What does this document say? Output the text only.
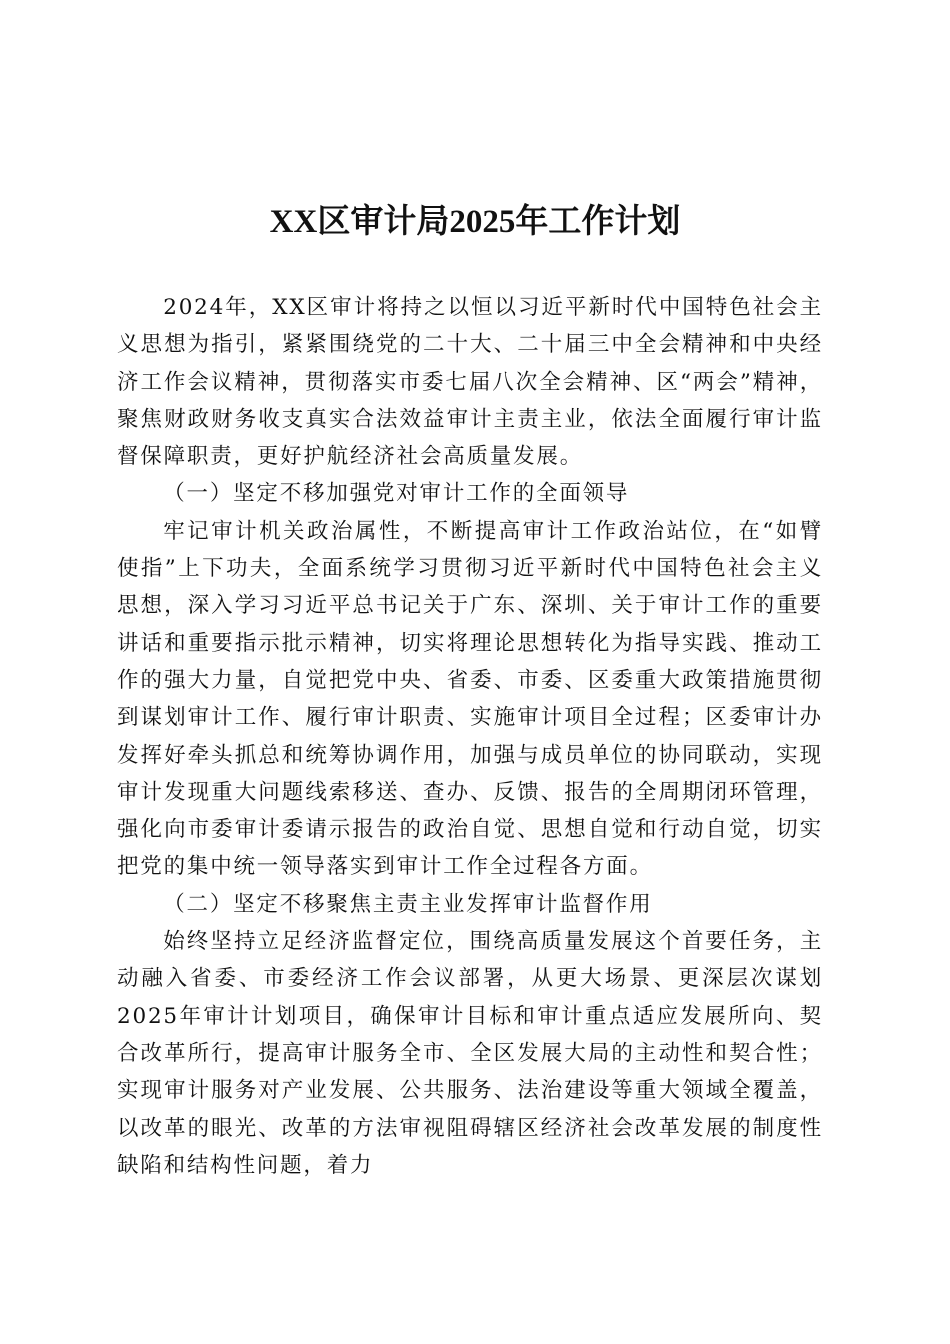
XX区审计局2025年工作计划

2024年，XX区审计将持之以恒以习近平新时代中国特色社会主义思想为指引，紧紧围绕党的二十大、二十届三中全会精神和中央经济工作会议精神，贯彻落实市委七届八次全会精神、区“两会”精神，聚焦财政财务收支真实合法效益审计主责主业，依法全面履行审计监督保障职责，更好护航经济社会高质量发展。

（一）坚定不移加强党对审计工作的全面领导

牢记审计机关政治属性，不断提高审计工作政治站位，在“如臂使指”上下功夫，全面系统学习贯彻习近平新时代中国特色社会主义思想，深入学习习近平总书记关于广东、深圳、关于审计工作的重要讲话和重要指示批示精神，切实将理论思想转化为指导实践、推动工作的强大力量，自觉把党中央、省委、市委、区委重大政策措施贯彻到谋划审计工作、履行审计职责、实施审计项目全过程；区委审计办发挥好牵头抓总和统筹协调作用，加强与成员单位的协同联动，实现审计发现重大问题线索移送、查办、反馈、报告的全周期闭环管理，强化向市委审计委请示报告的政治自觉、思想自觉和行动自觉，切实把党的集中统一领导落实到审计工作全过程各方面。

（二）坚定不移聚焦主责主业发挥审计监督作用

始终坚持立足经济监督定位，围绕高质量发展这个首要任务，主动融入省委、市委经济工作会议部署，从更大场景、更深层次谋划2025年审计计划项目，确保审计目标和审计重点适应发展所向、契合改革所行，提高审计服务全市、全区发展大局的主动性和契合性；实现审计服务对产业发展、公共服务、法治建设等重大领域全覆盖，以改革的眼光、改革的方法审视阻碍辖区经济社会改革发展的制度性缺陷和结构性问题，着力
